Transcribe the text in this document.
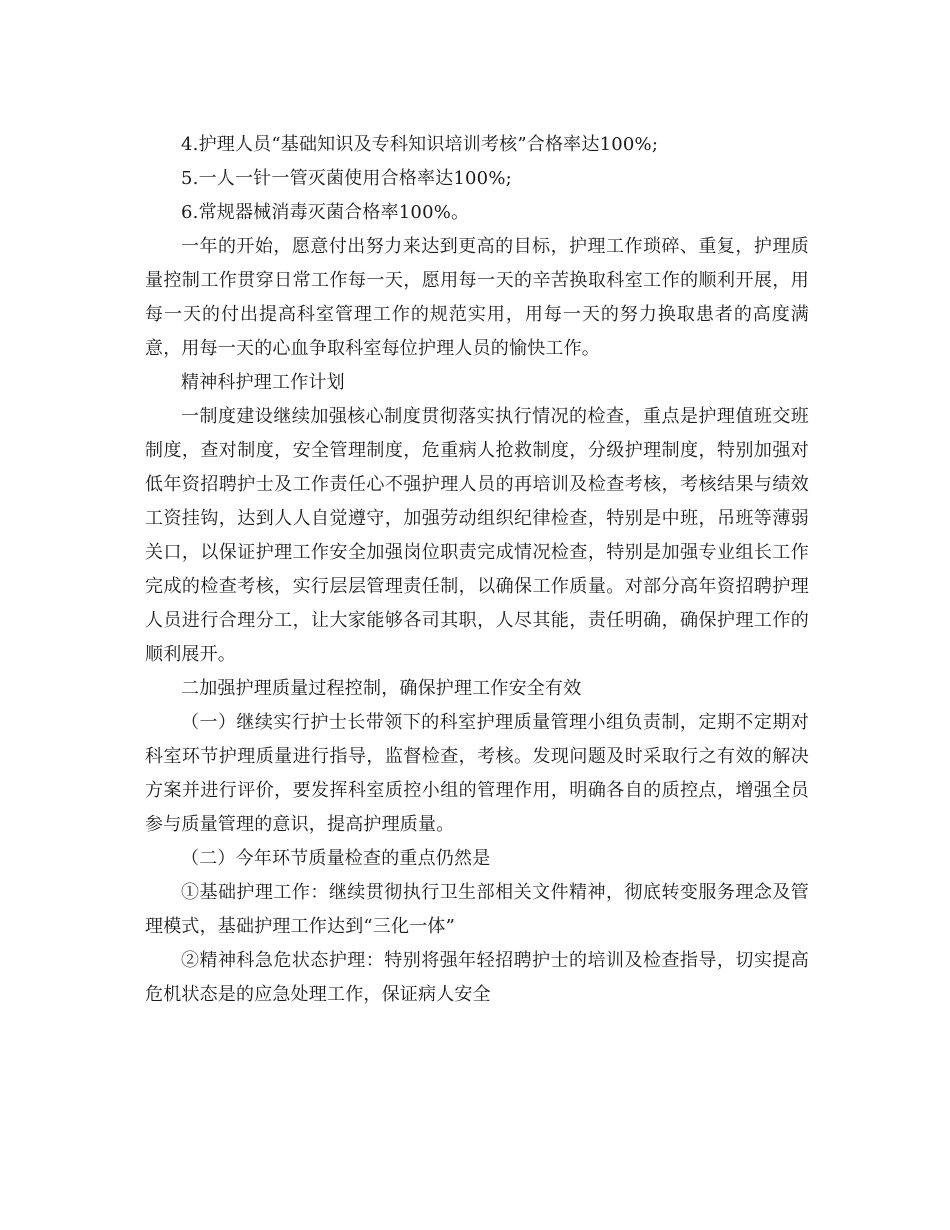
4.护理人员“基础知识及专科知识培训考核”合格率达100%;

5.一人一针一管灭菌使用合格率达100%;

6.常规器械消毒灭菌合格率100%。

一年的开始，愿意付出努力来达到更高的目标，护理工作琐碎、重复，护理质量控制工作贯穿日常工作每一天，愿用每一天的辛苦换取科室工作的顺利开展，用每一天的付出提高科室管理工作的规范实用，用每一天的努力换取患者的高度满意，用每一天的心血争取科室每位护理人员的愉快工作。

精神科护理工作计划

一制度建设继续加强核心制度贯彻落实执行情况的检查，重点是护理值班交班制度，查对制度，安全管理制度，危重病人抢救制度，分级护理制度，特别加强对低年资招聘护士及工作责任心不强护理人员的再培训及检查考核，考核结果与绩效工资挂钩，达到人人自觉遵守，加强劳动组织纪律检查，特别是中班，吊班等薄弱关口，以保证护理工作安全加强岗位职责完成情况检查，特别是加强专业组长工作完成的检查考核，实行层层管理责任制，以确保工作质量。对部分高年资招聘护理人员进行合理分工，让大家能够各司其职，人尽其能，责任明确，确保护理工作的顺利展开。

二加强护理质量过程控制，确保护理工作安全有效

（一）继续实行护士长带领下的科室护理质量管理小组负责制，定期不定期对科室环节护理质量进行指导，监督检查，考核。发现问题及时采取行之有效的解决方案并进行评价，要发挥科室质控小组的管理作用，明确各自的质控点，增强全员参与质量管理的意识，提高护理质量。

（二）今年环节质量检查的重点仍然是

①基础护理工作：继续贯彻执行卫生部相关文件精神，彻底转变服务理念及管理模式，基础护理工作达到“三化一体”

②精神科急危状态护理：特别将强年轻招聘护士的培训及检查指导，切实提高危机状态是的应急处理工作，保证病人安全
